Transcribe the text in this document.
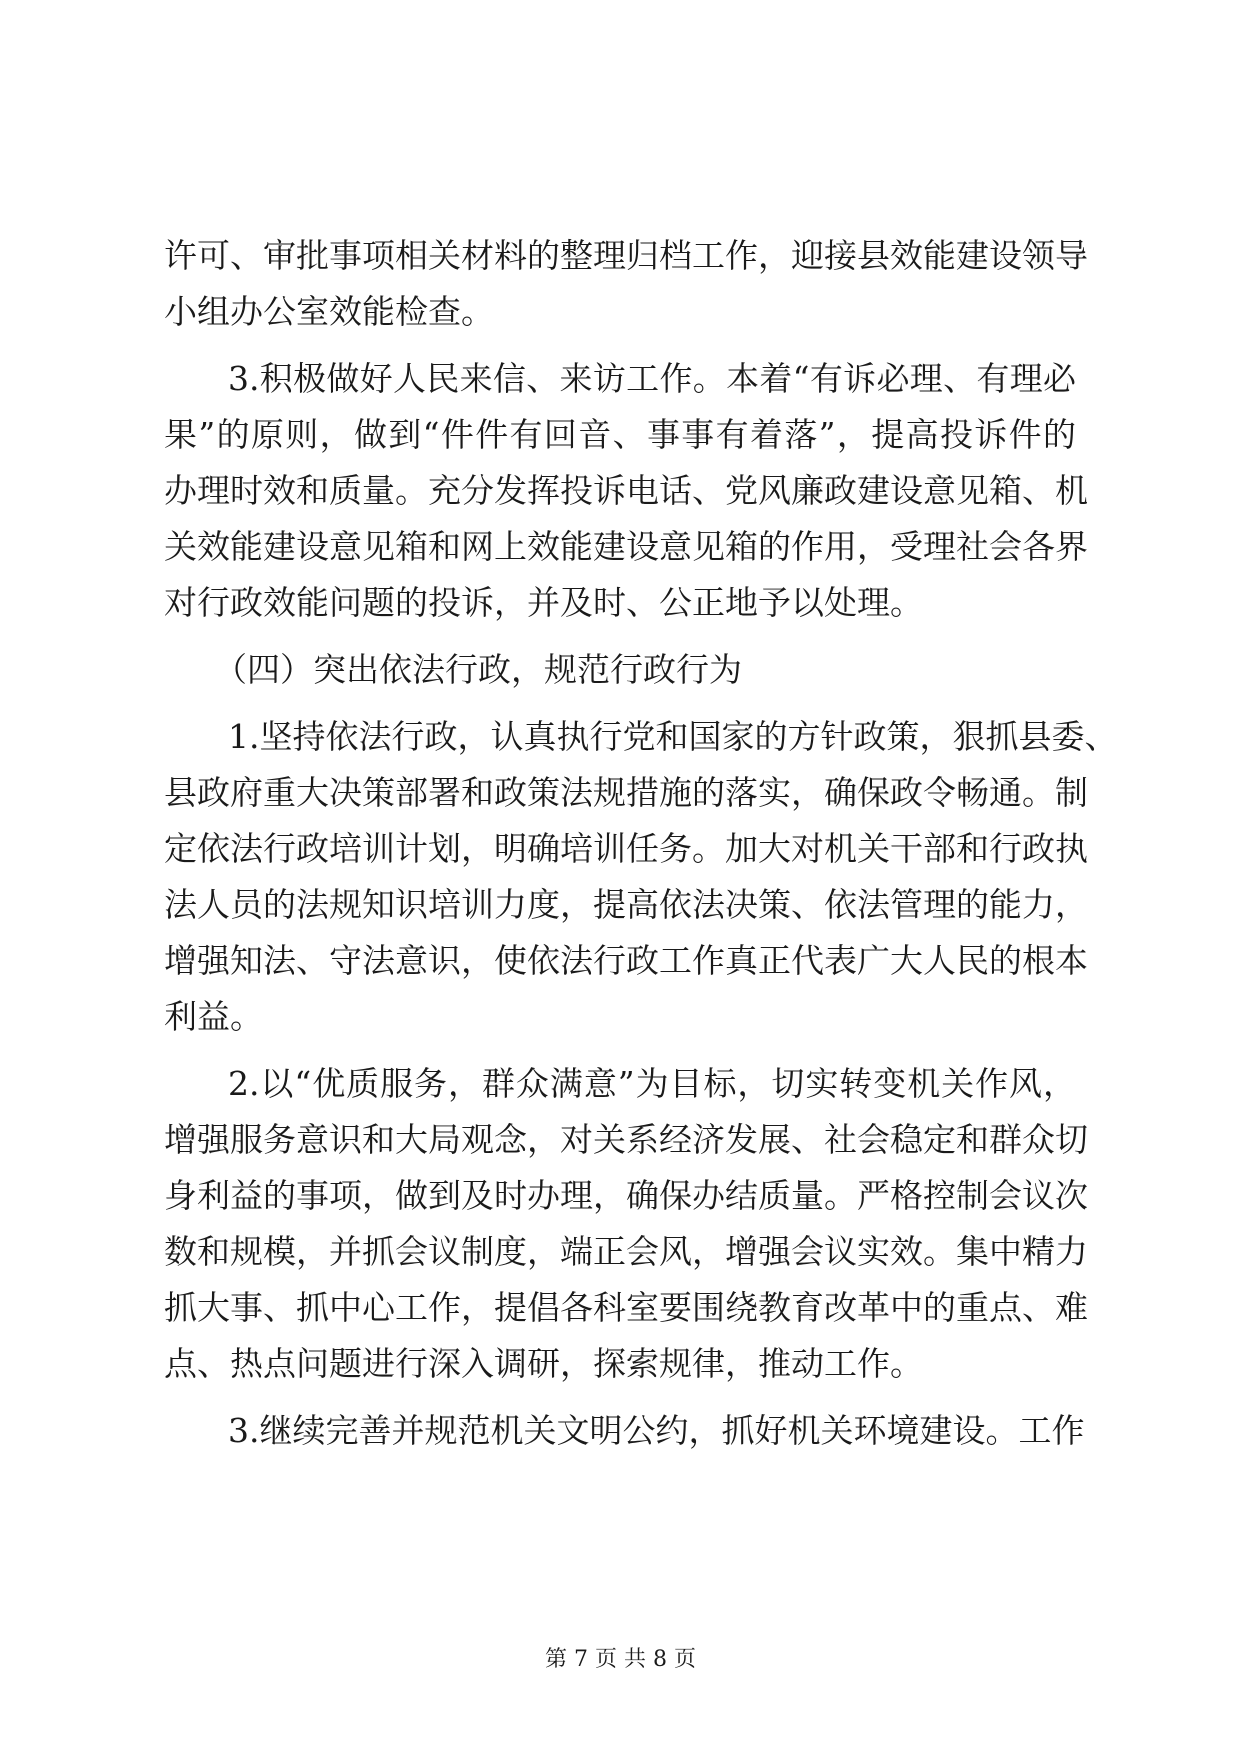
许可、审批事项相关材料的整理归档工作，迎接县效能建设领导
小组办公室效能检查。
3.积极做好人民来信、来访工作。本着“有诉必理、有理必
果”的原则，做到“件件有回音、事事有着落”，提高投诉件的
办理时效和质量。充分发挥投诉电话、党风廉政建设意见箱、机
关效能建设意见箱和网上效能建设意见箱的作用，受理社会各界
对行政效能问题的投诉，并及时、公正地予以处理。
（四）突出依法行政，规范行政行为
1.坚持依法行政，认真执行党和国家的方针政策，狠抓县委、
县政府重大决策部署和政策法规措施的落实，确保政令畅通。制
定依法行政培训计划，明确培训任务。加大对机关干部和行政执
法人员的法规知识培训力度，提高依法决策、依法管理的能力，
增强知法、守法意识，使依法行政工作真正代表广大人民的根本
利益。
2.以“优质服务，群众满意”为目标，切实转变机关作风，
增强服务意识和大局观念，对关系经济发展、社会稳定和群众切
身利益的事项，做到及时办理，确保办结质量。严格控制会议次
数和规模，并抓会议制度，端正会风，增强会议实效。集中精力
抓大事、抓中心工作，提倡各科室要围绕教育改革中的重点、难
点、热点问题进行深入调研，探索规律，推动工作。
3.继续完善并规范机关文明公约，抓好机关环境建设。工作
第 7 页 共 8 页
